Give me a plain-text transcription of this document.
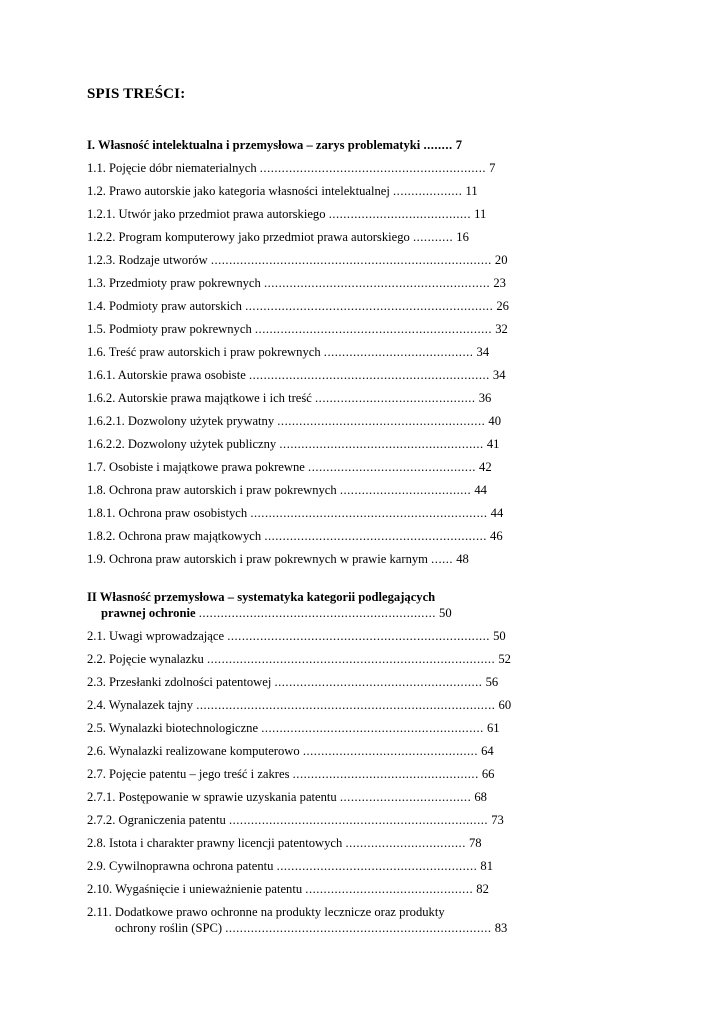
SPIS TREŚCI:
I. Własność intelektualna i przemysłowa – zarys problematyki ........ 7
1.1. Pojęcie dóbr niematerialnych .............................................................. 7
1.2. Prawo autorskie jako kategoria własności intelektualnej ................... 11
1.2.1. Utwór jako przedmiot prawa autorskiego ....................................... 11
1.2.2. Program komputerowy jako przedmiot prawa autorskiego ........... 16
1.2.3. Rodzaje utworów ............................................................................. 20
1.3. Przedmioty praw pokrewnych .............................................................. 23
1.4. Podmioty praw autorskich .................................................................... 26
1.5. Podmioty praw pokrewnych ................................................................. 32
1.6. Treść praw autorskich i praw pokrewnych ......................................... 34
1.6.1. Autorskie prawa osobiste .................................................................. 34
1.6.2. Autorskie prawa majątkowe i ich treść ............................................ 36
1.6.2.1. Dozwolony użytek prywatny ......................................................... 40
1.6.2.2. Dozwolony użytek publiczny ........................................................ 41
1.7. Osobiste i majątkowe prawa pokrewne .............................................. 42
1.8. Ochrona praw autorskich i praw pokrewnych .................................... 44
1.8.1. Ochrona praw osobistych ................................................................. 44
1.8.2. Ochrona praw majątkowych ............................................................. 46
1.9. Ochrona praw autorskich i praw pokrewnych w prawie karnym ...... 48
II Własność przemysłowa – systematyka kategorii podlegających
prawnej ochronie ................................................................. 50
2.1. Uwagi wprowadzające ........................................................................ 50
2.2. Pojęcie wynalazku ............................................................................... 52
2.3. Przesłanki zdolności patentowej ......................................................... 56
2.4. Wynalazek tajny .................................................................................. 60
2.5. Wynalazki biotechnologiczne ............................................................. 61
2.6. Wynalazki realizowane komputerowo ................................................ 64
2.7. Pojęcie patentu – jego treść i zakres ................................................... 66
2.7.1. Postępowanie w sprawie uzyskania patentu .................................... 68
2.7.2. Ograniczenia patentu ....................................................................... 73
2.8. Istota i charakter prawny licencji patentowych ................................. 78
2.9. Cywilnoprawna ochrona patentu ....................................................... 81
2.10. Wygaśnięcie i unieważnienie patentu .............................................. 82
2.11. Dodatkowe prawo ochronne na produkty lecznicze oraz produkty
ochrony roślin (SPC) ......................................................................... 83
